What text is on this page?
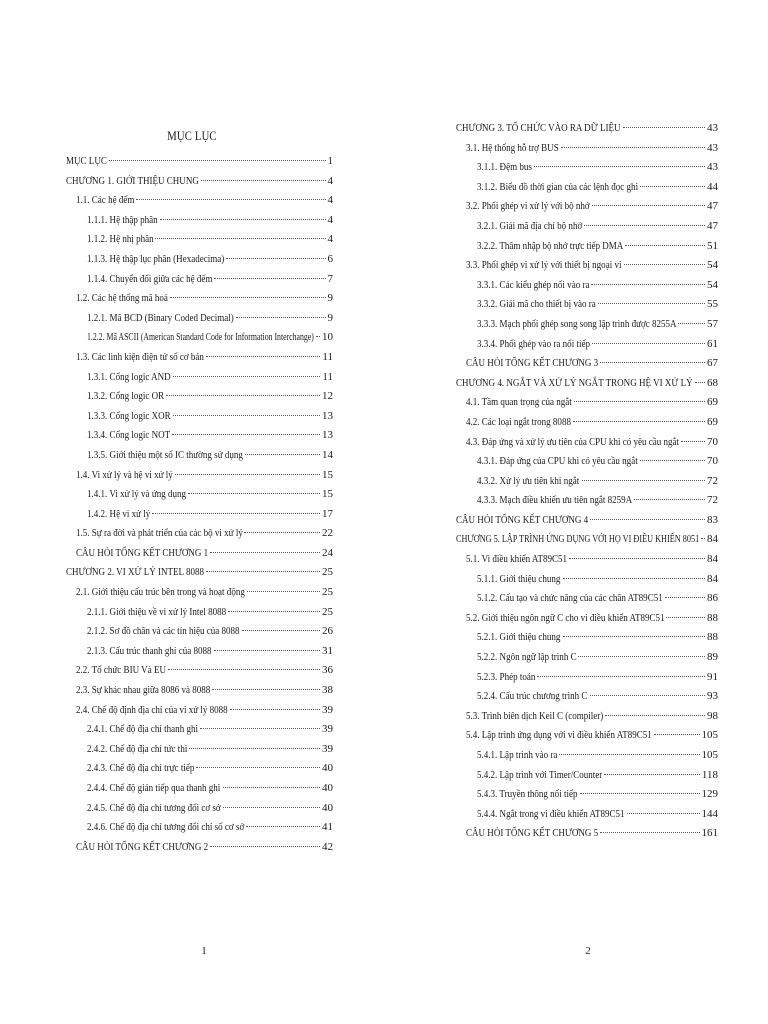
MỤC LỤC
MỤC LỤC	1
CHƯƠNG 1. GIỚI THIỆU CHUNG	4
1.1. Các hệ đếm	4
1.1.1. Hệ thập phân	4
1.1.2. Hệ nhị phân	4
1.1.3. Hệ thập lục phân (Hexadecima)	6
1.1.4. Chuyển đổi giữa các hệ đếm	7
1.2. Các hệ thống mã hoá	9
1.2.1. Mã BCD (Binary Coded Decimal)	9
1.2.2. Mã ASCII (American Standard Code for Information Interchange) 10
1.3. Các linh kiện điện tử số cơ bản	11
1.3.1. Cổng logic AND	11
1.3.2. Cổng logic OR	12
1.3.3. Cổng logic XOR	13
1.3.4. Cổng logic NOT	13
1.3.5. Giới thiệu một số IC thường sử dụng	14
1.4. Vi xử lý và hệ vi xử lý	15
1.4.1. Vi xử lý và ứng dụng	15
1.4.2. Hệ vi xử lý	17
1.5. Sự ra đời và phát triển của các bộ vi xử lý	22
CÂU HỎI TỔNG KẾT CHƯƠNG 1	24
CHƯƠNG 2. VI XỬ LÝ INTEL 8088	25
2.1. Giới thiệu cấu trúc bên trong và hoạt động	25
2.1.1. Giới thiệu về vi xử lý Intel 8088	25
2.1.2. Sơ đồ chân và các tín hiệu của 8088	26
2.1.3. Cấu trúc thanh ghi của 8088	31
2.2. Tổ chức BIU Và EU	36
2.3. Sự khác nhau giữa 8086 và 8088	38
2.4. Chế độ định địa chỉ của vi xử lý 8088	39
2.4.1. Chế độ địa chỉ thanh ghi	39
2.4.2. Chế độ địa chỉ tức thì	39
2.4.3. Chế độ địa chỉ trực tiếp	40
2.4.4. Chế độ gián tiếp qua thanh ghi	40
2.4.5. Chế độ địa chỉ tương đối cơ sở	40
2.4.6. Chế độ địa chỉ tương đối chỉ số cơ sở	41
CÂU HỎI TỔNG KẾT CHƯƠNG 2	42
1
CHƯƠNG 3. TỔ CHỨC VÀO RA DỮ LIỆU	43
3.1. Hệ thống hỗ trợ BUS	43
3.1.1. Đệm bus	43
3.1.2. Biểu đồ thời gian của các lệnh đọc ghi	44
3.2. Phối ghép vi xử lý với bộ nhớ	47
3.2.1. Giải mã địa chỉ bộ nhớ	47
3.2.2. Thâm nhập bộ nhớ trực tiếp DMA	51
3.3. Phối ghép vi xử lý với thiết bị ngoại vi	54
3.3.1. Các kiểu ghép nối vào ra	54
3.3.2. Giải mã cho thiết bị vào ra	55
3.3.3. Mạch phối ghép song song lập trình được 8255A	57
3.3.4. Phối ghép vào ra nối tiếp	61
CÂU HỎI TỔNG KẾT CHƯƠNG 3	67
CHƯƠNG 4. NGẮT VÀ XỬ LÝ NGẮT TRONG HỆ VI XỬ LÝ 68
4.1. Tầm quan trọng của ngắt	69
4.2. Các loại ngắt trong 8088	69
4.3. Đáp ứng và xử lý ưu tiên của CPU khi có yêu cầu ngắt	70
4.3.1. Đáp ứng của CPU khi có yêu cầu ngắt	70
4.3.2. Xử lý ưu tiên khi ngắt	72
4.3.3. Mạch điều khiển ưu tiên ngắt 8259A	72
CÂU HỎI TỔNG KẾT CHƯƠNG 4	83
CHƯƠNG 5. LẬP TRÌNH ỨNG DỤNG VỚI HỌ VI ĐIỀU KHIỂN 8051 84
5.1. Vi điều khiển AT89C51	84
5.1.1. Giới thiệu chung	84
5.1.2. Cấu tạo và chức năng của các chân AT89C51	86
5.2. Giới thiệu ngôn ngữ C cho vi điều khiển AT89C51	88
5.2.1. Giới thiệu chung	88
5.2.2. Ngôn ngữ lập trình C	89
5.2.3. Phép toán	91
5.2.4. Cấu trúc chương trình C	93
5.3. Trình biên dịch Keil C (compiler)	98
5.4. Lập trình ứng dụng với vi điều khiển AT89C51	105
5.4.1. Lập trình vào ra	105
5.4.2. Lập trình với Timer/Counter	118
5.4.3. Truyền thông nối tiếp	129
5.4.4. Ngắt trong vi điều khiển AT89C51	144
CÂU HỎI TỔNG KẾT CHƯƠNG 5	161
2
